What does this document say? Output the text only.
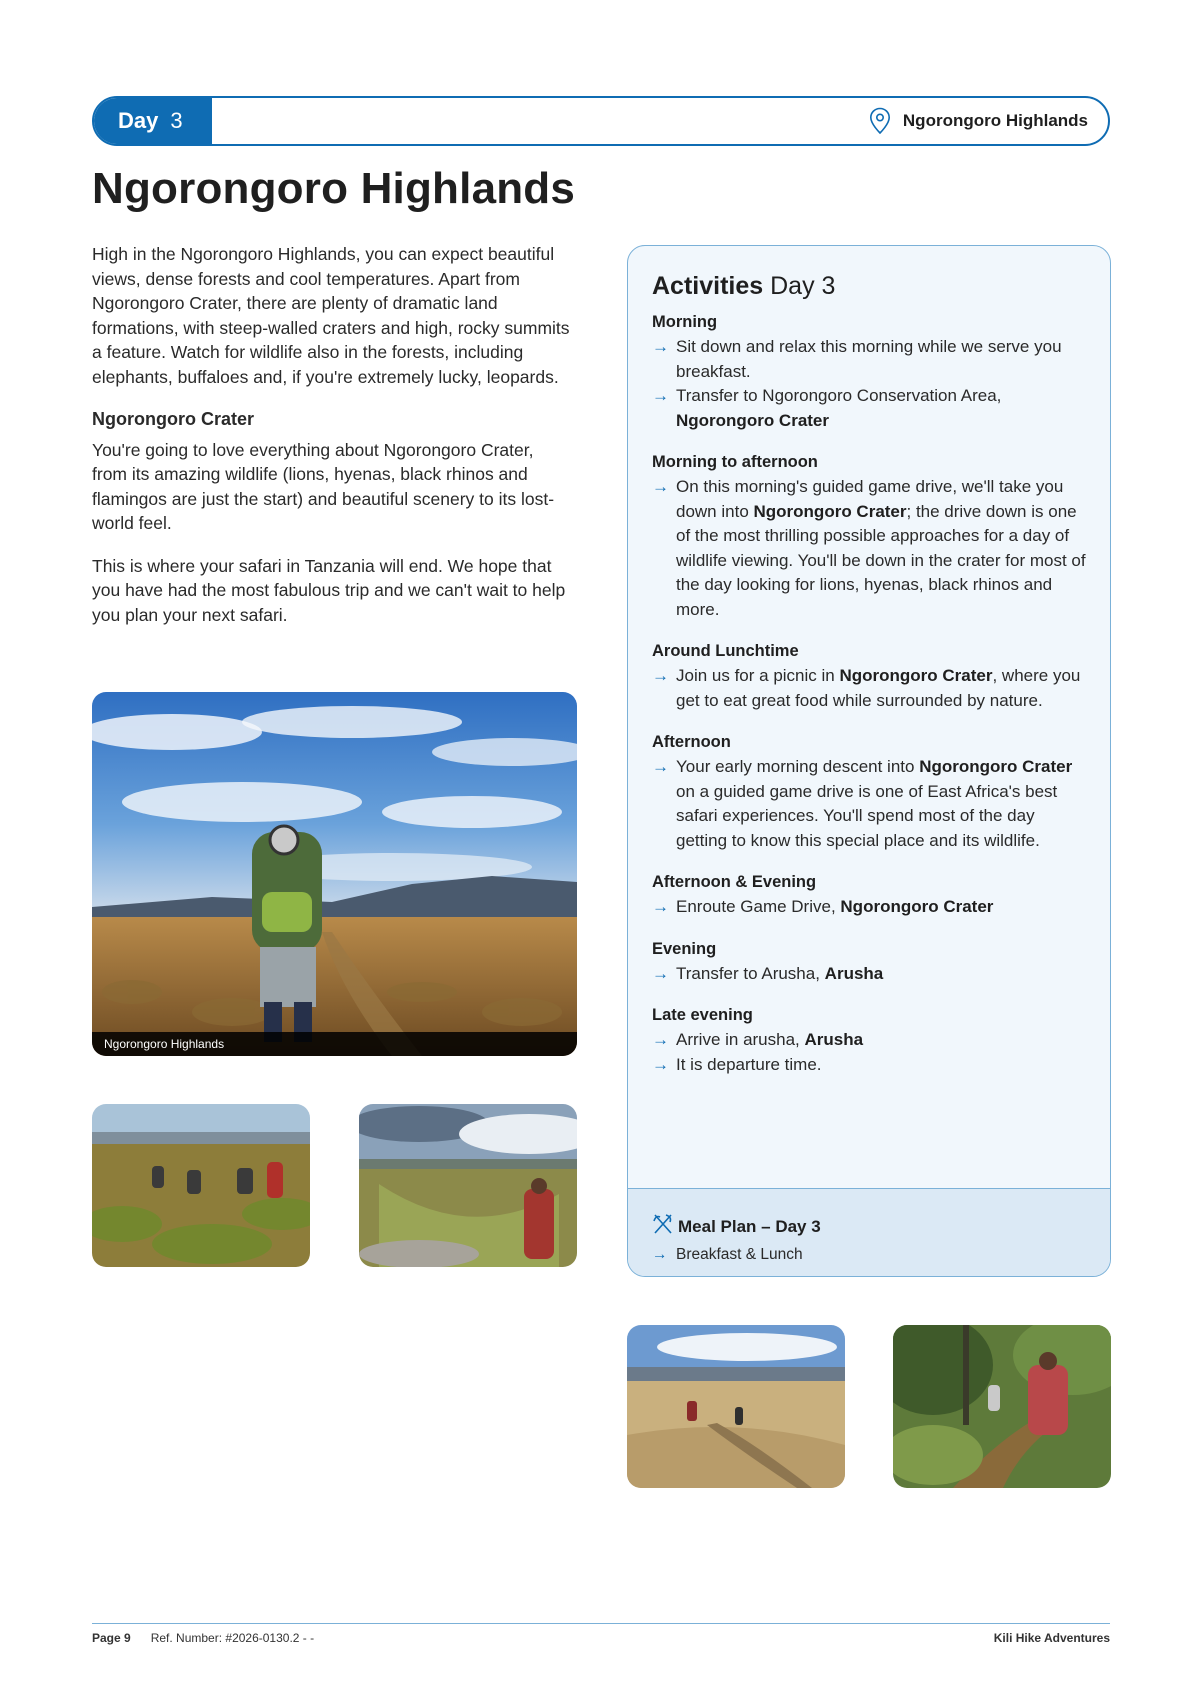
Day 3	Ngorongoro Highlands
Ngorongoro Highlands

High in the Ngorongoro Highlands, you can expect beautiful views, dense forests and cool temperatures. Apart from Ngorongoro Crater, there are plenty of dramatic land formations, with steep-walled craters and high, rocky summits a feature. Watch for wildlife also in the forests, including elephants, buffaloes and, if you're extremely lucky, leopards.

Ngorongoro Crater

You're going to love everything about Ngorongoro Crater, from its amazing wildlife (lions, hyenas, black rhinos and flamingos are just the start) and beautiful scenery to its lost-world feel.

This is where your safari in Tanzania will end. We hope that you have had the most fabulous trip and we can't wait to help you plan your next safari.

Ngorongoro Highlands
Activities Day 3
Morning
→ Sit down and relax this morning while we serve you breakfast.
→ Transfer to Ngorongoro Conservation Area, Ngorongoro Crater
Morning to afternoon
→ On this morning's guided game drive, we'll take you down into Ngorongoro Crater; the drive down is one of the most thrilling possible approaches for a day of wildlife viewing. You'll be down in the crater for most of the day looking for lions, hyenas, black rhinos and more.
Around Lunchtime
→ Join us for a picnic in Ngorongoro Crater, where you get to eat great food while surrounded by nature.
Afternoon
→ Your early morning descent into Ngorongoro Crater on a guided game drive is one of East Africa's best safari experiences. You'll spend most of the day getting to know this special place and its wildlife.
Afternoon & Evening
→ Enroute Game Drive, Ngorongoro Crater
Evening
→ Transfer to Arusha, Arusha
Late evening
→ Arrive in arusha, Arusha
→ It is departure time.
Meal Plan – Day 3
→ Breakfast & Lunch
Page 9 Ref. Number: #2026-0130.2 - -	Kili Hike Adventures
